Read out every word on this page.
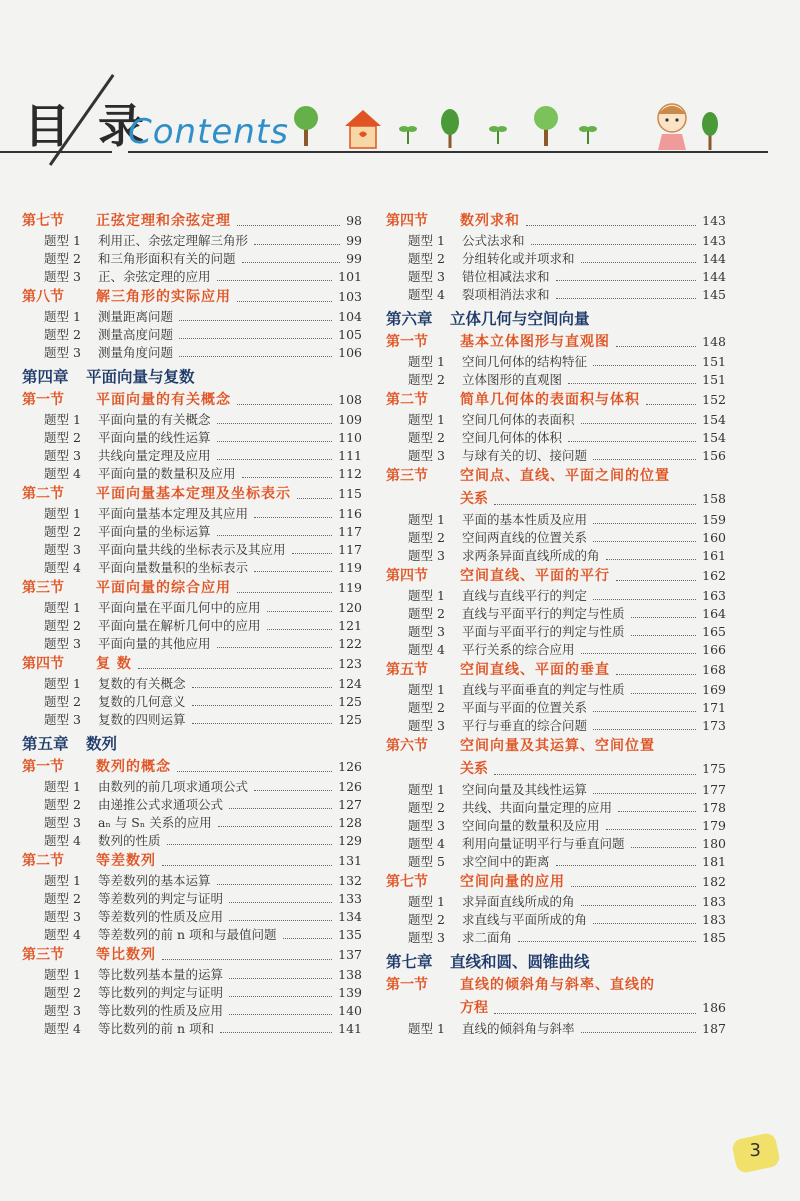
目 录
Contents
第七节 正弦定理和余弦定理	98
题型 1 利用正、余弦定理解三角形	99
题型 2 和三角形面积有关的问题	99
题型 3 正、余弦定理的应用	101
第八节 解三角形的实际应用	103
题型 1 测量距离问题	104
题型 2 测量高度问题	105
题型 3 测量角度问题	106
第四章 平面向量与复数
第一节 平面向量的有关概念	108
题型 1 平面向量的有关概念	109
题型 2 平面向量的线性运算	110
题型 3 共线向量定理及应用	111
题型 4 平面向量的数量积及应用	112
第二节 平面向量基本定理及坐标表示	115
题型 1 平面向量基本定理及其应用	116
题型 2 平面向量的坐标运算	117
题型 3 平面向量共线的坐标表示及其应用	117
题型 4 平面向量数量积的坐标表示	119
第三节 平面向量的综合应用	119
题型 1 平面向量在平面几何中的应用	120
题型 2 平面向量在解析几何中的应用	121
题型 3 平面向量的其他应用	122
第四节 复 数	123
题型 1 复数的有关概念	124
题型 2 复数的几何意义	125
题型 3 复数的四则运算	125
第五章 数列
第一节 数列的概念	126
题型 1 由数列的前几项求通项公式	126
题型 2 由递推公式求通项公式	127
题型 3 aₙ 与 Sₙ 关系的应用	128
题型 4 数列的性质	129
第二节 等差数列	131
题型 1 等差数列的基本运算	132
题型 2 等差数列的判定与证明	133
题型 3 等差数列的性质及应用	134
题型 4 等差数列的前 n 项和与最值问题	135
第三节 等比数列	137
题型 1 等比数列基本量的运算	138
题型 2 等比数列的判定与证明	139
题型 3 等比数列的性质及应用	140
题型 4 等比数列的前 n 项和	141
第四节 数列求和	143
题型 1 公式法求和	143
题型 2 分组转化或并项求和	144
题型 3 错位相减法求和	144
题型 4 裂项相消法求和	145
第六章 立体几何与空间向量
第一节 基本立体图形与直观图	148
题型 1 空间几何体的结构特征	151
题型 2 立体图形的直观图	151
第二节 简单几何体的表面积与体积	152
题型 1 空间几何体的表面积	154
题型 2 空间几何体的体积	154
题型 3 与球有关的切、接问题	156
第三节 空间点、直线、平面之间的位置
关系	158
题型 1 平面的基本性质及应用	159
题型 2 空间两直线的位置关系	160
题型 3 求两条异面直线所成的角	161
第四节 空间直线、平面的平行	162
题型 1 直线与直线平行的判定	163
题型 2 直线与平面平行的判定与性质	164
题型 3 平面与平面平行的判定与性质	165
题型 4 平行关系的综合应用	166
第五节 空间直线、平面的垂直	168
题型 1 直线与平面垂直的判定与性质	169
题型 2 平面与平面的位置关系	171
题型 3 平行与垂直的综合问题	173
第六节 空间向量及其运算、空间位置
关系	175
题型 1 空间向量及其线性运算	177
题型 2 共线、共面向量定理的应用	178
题型 3 空间向量的数量积及应用	179
题型 4 利用向量证明平行与垂直问题	180
题型 5 求空间中的距离	181
第七节 空间向量的应用	182
题型 1 求异面直线所成的角	183
题型 2 求直线与平面所成的角	183
题型 3 求二面角	185
第七章 直线和圆、圆锥曲线
第一节 直线的倾斜角与斜率、直线的
方程	186
题型 1 直线的倾斜角与斜率	187
3
